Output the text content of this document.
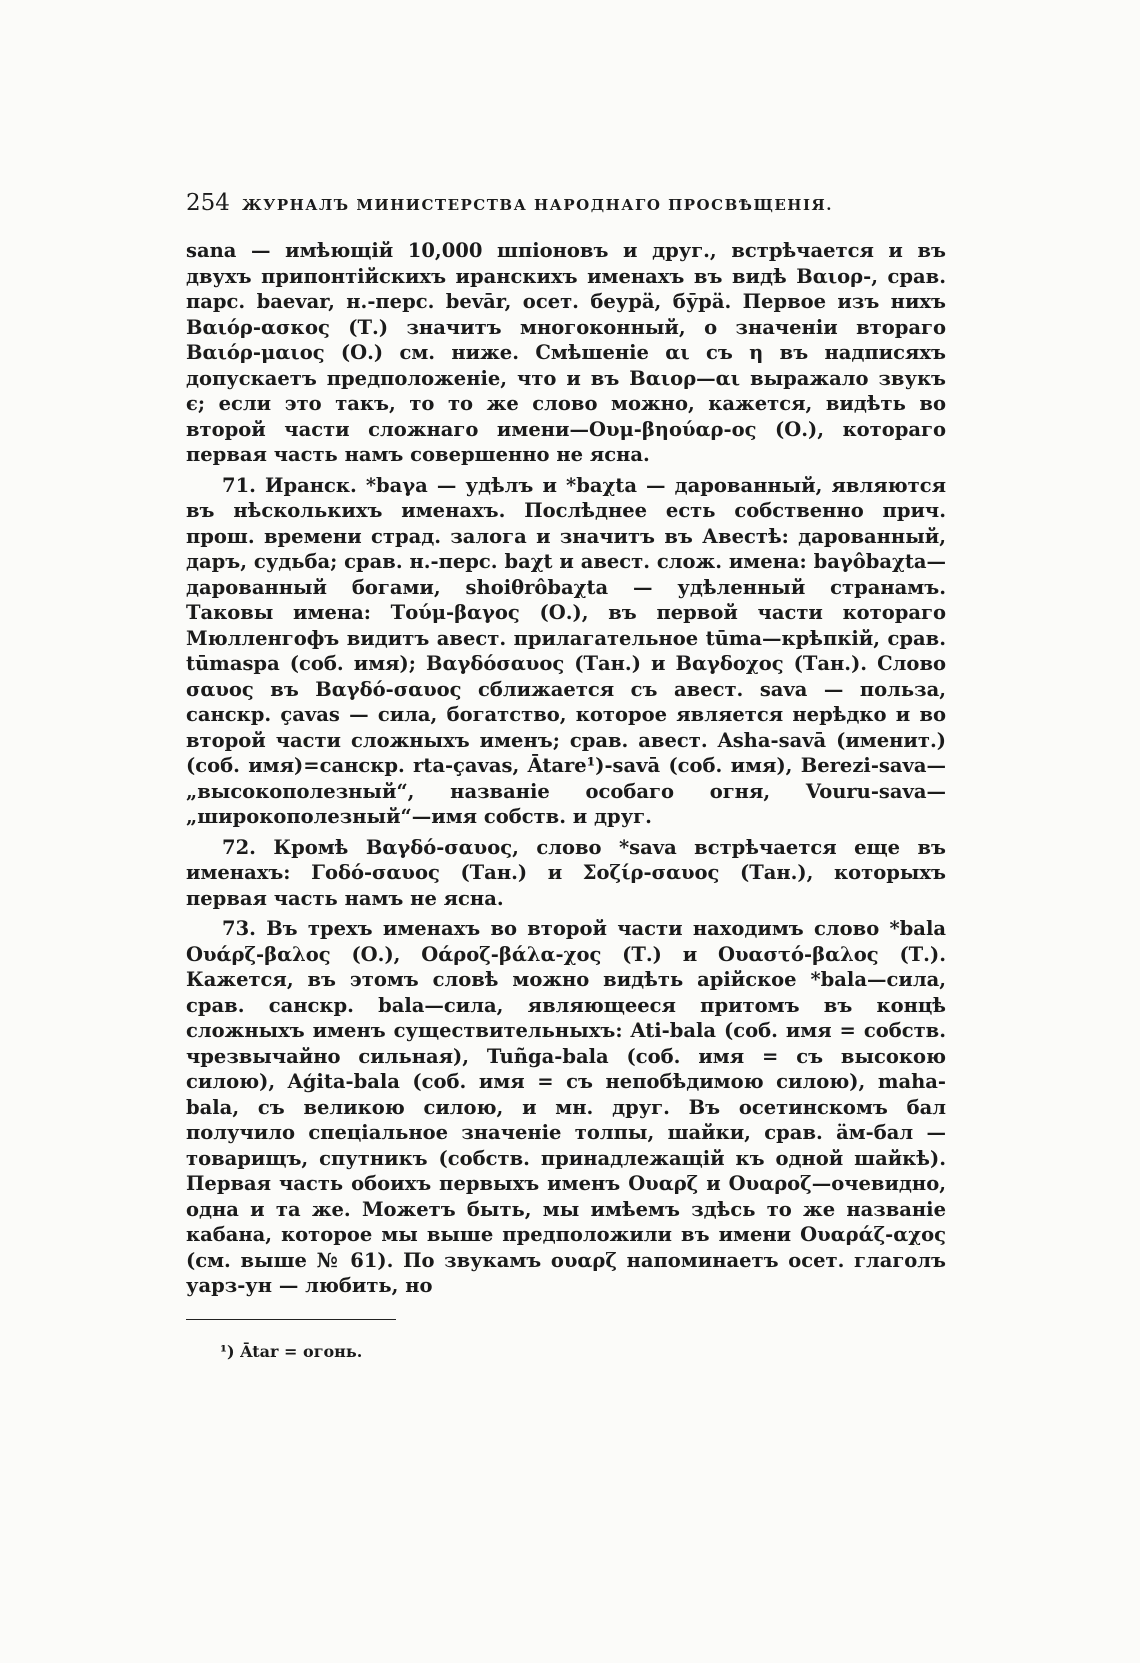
254 ЖУРНАЛЪ МИНИСТЕРСТВА НАРОДНАГО ПРОСВѢЩЕНІЯ.

sana — имѣющій 10,000 шпіоновъ и друг., встрѣчается и въ двухъ припонтійскихъ иранскихъ именахъ въ видѣ Βαιορ-, срав. парс. baevar, н.-перс. bevār, осет. беурӓ, бӯрӓ. Первое изъ нихъ Βαιόρ-ασκος (Т.) значитъ многоконный, о значеніи втораго Βαιόρ-μαιος (О.) см. ниже. Смѣшеніе αι съ η въ надписяхъ допускаетъ предположеніе, что и въ Βαιορ—αι выражало звукъ є; если это такъ, то то же слово можно, кажется, видѣть во второй части сложнаго имени—Ουμ-βηούαρ-ος (О.), котораго первая часть намъ совершенно не ясна.

71. Иранск. *baγa — удѣлъ и *baχta — дарованный, являются въ нѣсколькихъ именахъ. Послѣднее есть собственно прич. прош. времени страд. залога и значитъ въ Авестѣ: дарованный, даръ, судьба; срав. н.-перс. baχt и авест. слож. имена: baγôbaχta—дарованный богами, shoiθrôbaχta — удѣленный странамъ. Таковы имена: Τούμ-βαγος (О.), въ первой части котораго Мюлленгофъ видитъ авест. прилагательное tūma—крѣпкій, срав. tūmaspa (соб. имя); Βαγδόσαυος (Тан.) и Βαγδοχος (Тан.). Слово σαυος въ Βαγδό-σαυος сближается съ авест. sava — польза, санскр. çavas — сила, богатство, которое является нерѣдко и во второй части сложныхъ именъ; срав. авест. Asha-savā (именит.) (соб. имя)=санскр. rta-çavas, Ātare¹)-savā (соб. имя), Berezi-sava—„высокополезный“, названіе особаго огня, Vouru-sava— „широкополезный“—имя собств. и друг.

72. Кромѣ Βαγδό-σαυος, слово *sava встрѣчается еще въ именахъ: Γοδό-σαυος (Тан.) и Σοζίρ-σαυος (Тан.), которыхъ первая часть намъ не ясна.

73. Въ трехъ именахъ во второй части находимъ слово *bala Ουάρζ-βαλος (О.), Οάροζ-βάλα-χος (Т.) и Ουαστό-βαλος (Т.). Кажется, въ этомъ словѣ можно видѣть арійское *bala—сила, срав. санскр. bala—сила, являющееся притомъ въ концѣ сложныхъ именъ существительныхъ: Ati-bala (соб. имя = собств. чрезвычайно сильная), Tuñga-bala (соб. имя = съ высокою силою), Aģita-bala (соб. имя = съ непобѣдимою силою), maha-bala, съ великою силою, и мн. друг. Въ осетинскомъ бал получило спеціальное значеніе толпы, шайки, срав. ӓм-бал — товарищъ, спутникъ (собств. принадлежащій къ одной шайкѣ). Первая часть обоихъ первыхъ именъ Ουαρζ и Ουαροζ—очевидно, одна и та же. Можетъ быть, мы имѣемъ здѣсь то же названіе кабана, которое мы выше предположили въ имени Ουαράζ-αχος (см. выше № 61). По звукамъ ουαρζ напоминаетъ осет. глаголъ уарз-ун — любить, но

¹) Ātar = огонь.
